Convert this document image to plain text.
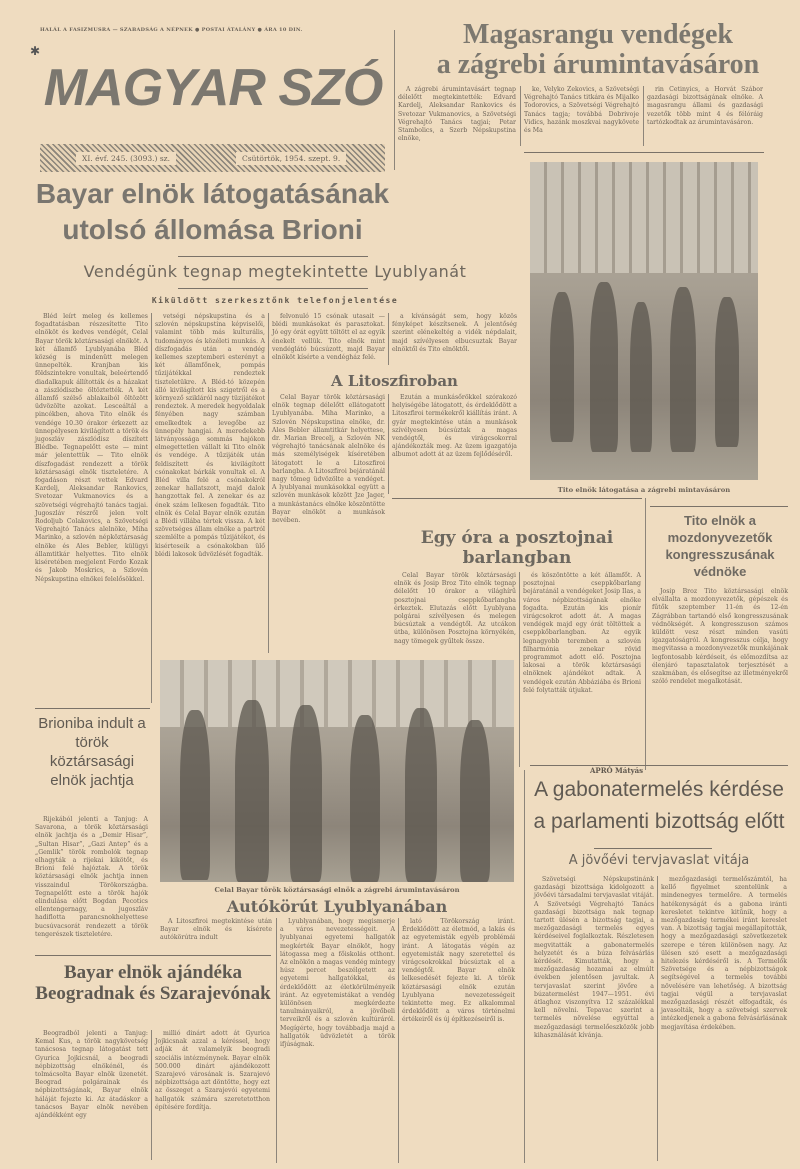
HALÁL A FASIZMUSRA — SZABADSÁG A NÉPNEK ● POSTAI ÁTALÁNY ● ÁRA 10 DIN.
✱
MAGYAR SZÓ
XI. évf. 245. (3093.) sz.	Csütörtök, 1954. szept. 9.
Bayar elnök látogatásának
utolsó állomása Brioni
Vendégünk tegnap megtekintette Lyublyanát
Kiküldött szerkesztőnk telefonjelentése

Bléd leírt meleg és kellemes fogadtatásban részesítette Tito elnököt és kedves vendégét, Celal Bayar török köztársasági elnököt. A két államfő Lyublyanába Bléd község is mindenütt melegen ünnepelték. Kranjban kis földszintekre vonultak, beleértendő diadalkapuk állították és a házakat a zászlódiszbe öltöztették. A két államfő szélső ablakaiból öltözött üdvözölte azokat. Lesceáltál a pincékben, ahova Tito elnök és vendége 10.30 órakor érkezett az ünnepélyesen kivilágított a török és jugoszláv zászlódisz díszített Blédbe. Tegnapelőtt este — mint már jelentettük — Tito elnök díszfogadást rendezett a török köztársasági elnök tiszteletére. A fogadáson részt vettek Edvard Kardelj, Aleksandar Rankovics, Svetozar Vukmanovics és a szövetségi végrehajtó tanács tagjai. Jugoszláv részről jelen volt Rodoljub Colakovics, a Szövetségi Végrehajtó Tanács alelnöke, Miha Marinko, a szlovén népköztársaság elnöke és Ales Bebler, külügyi államtitkár helyettes. Tito elnök kiséretében megjelent Ferdo Kozak és Jakob Moskrics, a Szlovén Népskupstina elnökei felelősökkel.

vetségi népskupstina és a szlovén népskupstina képviselői, valamint több más kulturális, tudományos és közéleti munkás. A díszfogadás után a vendég kellemes szeptemberi esterényt a két államfőnek, pompás tűzijátékkal rendeztek tiszteletükre. A Bléd-tó közepén álló kivilágított kis szigetről és a környező szikláról nagy tüzijátékot rendeztek. A meredek hegyoldalak fényében nagy számban emelkedtek a levegőbe az ünnepély hangjai. A meredekebb látványossága sommás hajókon elmegettetlen vállalt ki Tito elnök és vendége. A tűzijáték után feldiszített és kivilágított csónakokat bárkák vonultak el. A Bléd villa felé a csónakokról zenekar hallatszott, majd dalok hangzottak fel. A zenekar és az ének szám lelkesen fogadták. Tito elnök és Celal Bayar elnök ezután a Blédi villába tértek vissza. A két szövetséges állam elnöke a partról szemlélte a pompás tűzijátékot, és kisérteseik a csónakokban ülő blédi lakosok üdvözlését fogadták.

felvonuló 15 csónak utasait — blédi munkásokat és parasztokat. Jó egy órát együtt töltött el az egyik énekelt vellük. Tito elnök mint vendéglátó búcsúzott, majd Bayar elnököt kísérte a vendégház felé.

a kívánságát sem, hogy közös fényképet készítsenek. A jelentőség szerint elénekeltég a vidék népdalait, majd szívélyesen elbucsuztak Bayar elnöktől és Tito elnöktől.

A Litoszfiroban

Celal Bayar török köztársasági elnök tegnap délelőtt ellátogatott Lyublyanába. Miha Marinko, a Szlovén Népskupstina elnöke, dr. Ales Bebler államtitkár helyettese, dr. Marian Brecelj, a Szlovén NK végrehajtó tanácsának alelnöke és más személyiségek kíséretében látogatott le a Litoszfiroi barlangba. A Litoszfiroi bejáratánál nagy tömeg üdvözölte a vendéget. A lyublyanai munkásokkal együtt a szlovén munkások között Jze Jager, a munkástanács elnöke köszöntötte Bayar elnököt a munkások nevében.

Ezután a munkásőrökkel szórakozó helyiségébe látogatott, és érdeklődött a Litoszfiroi termékekről kiállítás iránt. A gyár megtekintése után a munkások szívélyesen búcsúztak a magas vendégtől, és virágcsokorral ajándékozták meg. Az üzem igazgatója albumot adott át az üzem fejlődéséről.

Magasrangu vendégek
a zágrebi árumintavásáron

A zágrebi árumintavásárt tegnap délelőtt megtekintették: Edvard Kardelj, Aleksandar Rankovics és Svetozar Vukmanovics, a Szövetségi Végrehajtó Tanács tagjai; Petar Stambolics, a Szerb Népskupstina elnöke,

ke, Velyko Zekovics, a Szövetségi Végrehajtó Tanács titkára és Mijalko Todorovics, a Szövetségi Végrehajtó Tanács tagja; továbbá Dobrivoje Vidics, hazánk moszkvai nagykövete és Ma

rin Cetinyics, a Horvát Szábor gazdasági bizottságának elnöke. A magasrangu állami és gazdasági vezetők több mint 4 és félóráig tartózkodtak az árumintavásáron.

Tito elnök látogatása a zágrebi mintavásáron
Egy óra a posztojnai
barlangban

Celal Bayar török köztársasági elnök és Josip Broz Tito elnök tegnap délelőtt 10 órakor a világhírű posztojnai cseppkőbarlangba érkeztek. Elutazás előtt Lyublyana polgárai szívélyesen és melegen búcsúztak a vendégtől. Az utcákon útba, különösen Posztojna környékén, nagy tömegek gyűltek össze.

és köszöntötte a két államfőt. A posztojnai cseppkőbarlang bejáratánál a vendégeket Josip Ilas, a város népbizottságának elnöke fogadta. Ezután kis pionír virágcsokrot adott át. A magas vendégek majd egy órát töltöttek a cseppkőbarlangban. Az egyik legnagyobb teremben a szlovén filharmónia zenekar rövid programmot adott elő. Posztojna lakosai a török köztársasági elnöknek ajándékot adtak. A vendégek ezután Abbáziába és Brioni felé folytatták útjukat.

APRÓ Mátyás
Tito elnök a mozdonyvezetők kongresszusának védnöke

Josip Broz Tito köztársasági elnök elvállalta a mozdonyvezetők, gépészek és fűtők szeptember 11-én és 12-én Zágrábban tartandó első kongresszusának védnökségét. A kongresszuson számos küldött vesz részt minden vasúti igazgatóságról. A kongresszus célja, hogy megvitassa a mozdonyvezetők munkájának legfontosabb kérdéseit, és előmozdítsa az élenjáró tapasztalatok terjesztését a szakmában, és elősegítse az illetményekről szóló rendelet megalkotását.

Brioniba indult a török köztársasági elnök jachtja

Rijekából jelenti a Tanjug: A Savarona, a török köztársasági elnök jachtja és a „Demir Hisar”, „Sultan Hisar”, „Gazi Antep” és a „Gemlik” török rombolók tegnap elhagyták a rijekai kikötőt, és Brioni felé hajóztak. A török köztársasági elnök jachtja innen visszaindul Törökországba. Tegnapelőtt este a török hajók elindulása előtt Bogdan Pecotics ellentengernagy, a jugoszláv hadiflotta parancsnokhelyettese bucsúvacsorát rendezett a török tengerészek tiszteletére.

Celal Bayar török köztársasági elnök a zágrebi árumintavásáron
Autókörút Lyublyanában

A Litoszfiroi megtekintése után Bayar elnök és kísérete autókörútra indult

Lyublyanában, hogy megismerje a város nevezetességeit. A lyublyanai egyetemi hallgatók megkérték Bayar elnököt, hogy látogassa meg a főiskolás otthont. Az elnökön a magas vendég mintegy húsz percet beszélgetett az egyetemi hallgatókkal, és érdeklődött az életkörülményeik iránt. Az egyetemistákat a vendég különösen megkérdezte tanulmányaikról, a jövőbeli terveikről és a szlovén kultúráról. Megígérte, hogy továbbadja majd a hallgatók üdvözletét a török ifjúságnak.

lató Törökország iránt. Érdeklődött az életmód, a lakás és az egyetemisták egyéb problémái iránt. A látogatás végén az egyetemisták nagy szeretettel és virágcsokrokkal búcsúztak el a vendégtől. Bayar elnök lelkesedését fejezte ki. A török köztársasági elnök ezután Lyublyana nevezetességeit tekintette meg. Ez alkalommal érdeklődött a város történelmi értékeiről és új építkezéseiről is.

Bayar elnök ajándéka Beogradnak és Szarajevónak

Beogradból jelenti a Tanjug: Kemal Kus, a török nagykövetség tanácsosa tegnap látogatást tett Gyurica Jojkicsnál, a beogradi népbizottság elnökénél, és tolmácsolta Bayar elnök üzenetét. Beograd polgárainak és népbizottságának, Bayar elnök háláját fejezte ki. Az átadáskor a tanácsos Bayar elnök nevében ajándékként egy

millió dinárt adott át Gyurica Jojkicsnak azzal a kéréssel, hogy adják át valamelyik beogradi szociális intézménynek. Bayar elnök 500.000 dinárt ajándékozott Szarajevó városának is. Szarajevó népbizottsága azt döntötte, hogy ezt az összeget a Szarajevói egyetemi hallgatók számára szeretetotthon építésére fordítja.

A gabonatermelés kérdése
a parlamenti bizottság előtt
A jövőévi tervjavaslat vitája

Szövetségi Népskupstinánk gazdasági bizottsága kidolgozott a jövőévi társadalmi tervjavaslat vitáját. A Szövetségi Végrehajtó Tanács gazdasági bizottsága nak tegnap tartott ülésén a bizottság tagjai, a mezőgazdasági termelés egyes kérdéseivel foglalkoztak. Részletesen megvitatták a gabonatermelés helyzetét és a búza felvásárlás kérdését. Kimutatták, hogy a mezőgazdaság hozamai az elmúlt években jelentősen javultak. A tervjavaslat szerint jövőre a búzatermelést 1947—1951. évi átlaghoz viszonyítva 12 százalékkal kell növelni. Tepavac szerint a termelés növelése egyúttal a mezőgazdasági termelőeszközök jobb kihasználását kívánja.

mezőgazdasági termelőszámtól, ha kellő figyelmet szentelünk a mindenegyes termelőre. A termelés hatékonyságát és a gabona iránti keresletet tekintve kitűnik, hogy a mezőgazdaság termékei iránt kereslet van. A bizottság tagjai megállapították, hogy a mezőgazdasági szövetkezetek szerepe e téren különösen nagy. Az ülésen szó esett a mezőgazdasági hitelezés kérdéséről is. A Termelők Szövetsége és a népbizottságok segítségével a termelés további növelésére van lehetőség. A bizottság tagjai végül a tervjavaslat mezőgazdasági részét elfogadták, és javasolták, hogy a szövetségi szervek intézkedjenek a gabona felvásárlásának megjavítása érdekében.
